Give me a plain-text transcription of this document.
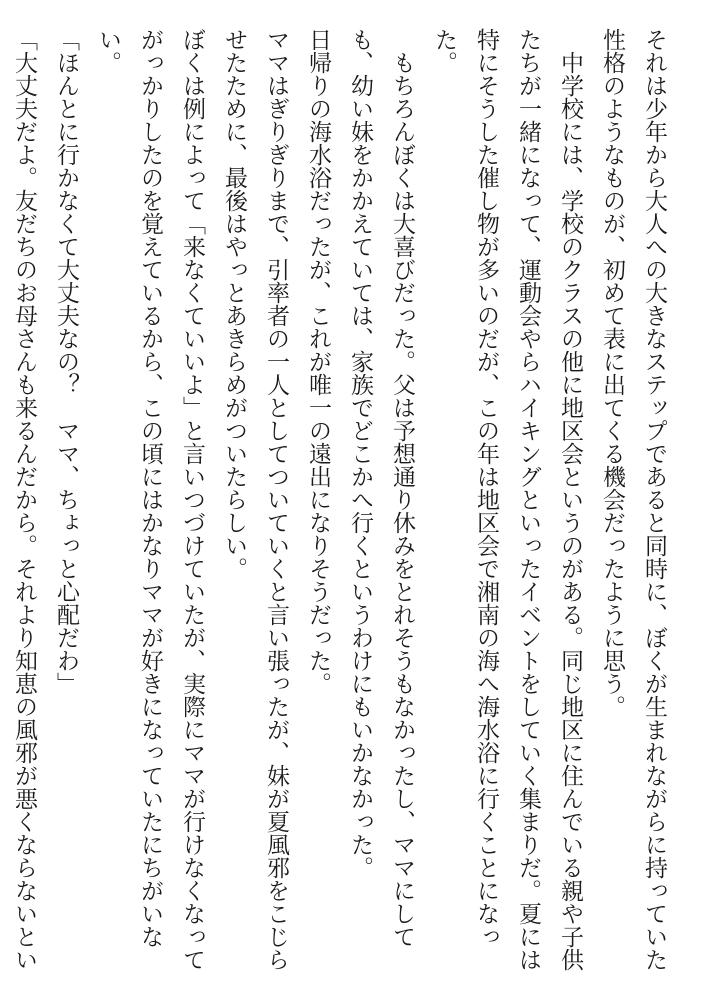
それは少年から大人への大きなステップであると同時に、ぼくが生まれながらに持っていた性格のようなものが、初めて表に出てくる機会だったように思う。

　中学校には、学校のクラスの他に地区会というのがある。同じ地区に住んでいる親や子供たちが一緒になって、運動会やらハイキングといったイベントをしていく集まりだ。夏には特にそうした催し物が多いのだが、この年は地区会で湘南の海へ海水浴に行くことになった。

　もちろんぼくは大喜びだった。父は予想通り休みをとれそうもなかったし、ママにしても、幼い妹をかかえていては、家族でどこかへ行くというわけにもいかなかった。

日帰りの海水浴だったが、これが唯一の遠出になりそうだった。

ママはぎりぎりまで、引率者の一人としてついていくと言い張ったが、妹が夏風邪をこじらせたために、最後はやっとあきらめがついたらしい。

ぼくは例によって「来なくていいよ」と言いつづけていたが、実際にママが行けなくなってがっかりしたのを覚えているから、この頃にはかなりママが好きになっていたにちがいない。

「ほんとに行かなくて大丈夫なの？　ママ、ちょっと心配だわ」

「大丈夫だよ。友だちのお母さんも来るんだから。それより知恵の風邪が悪くならないとい
